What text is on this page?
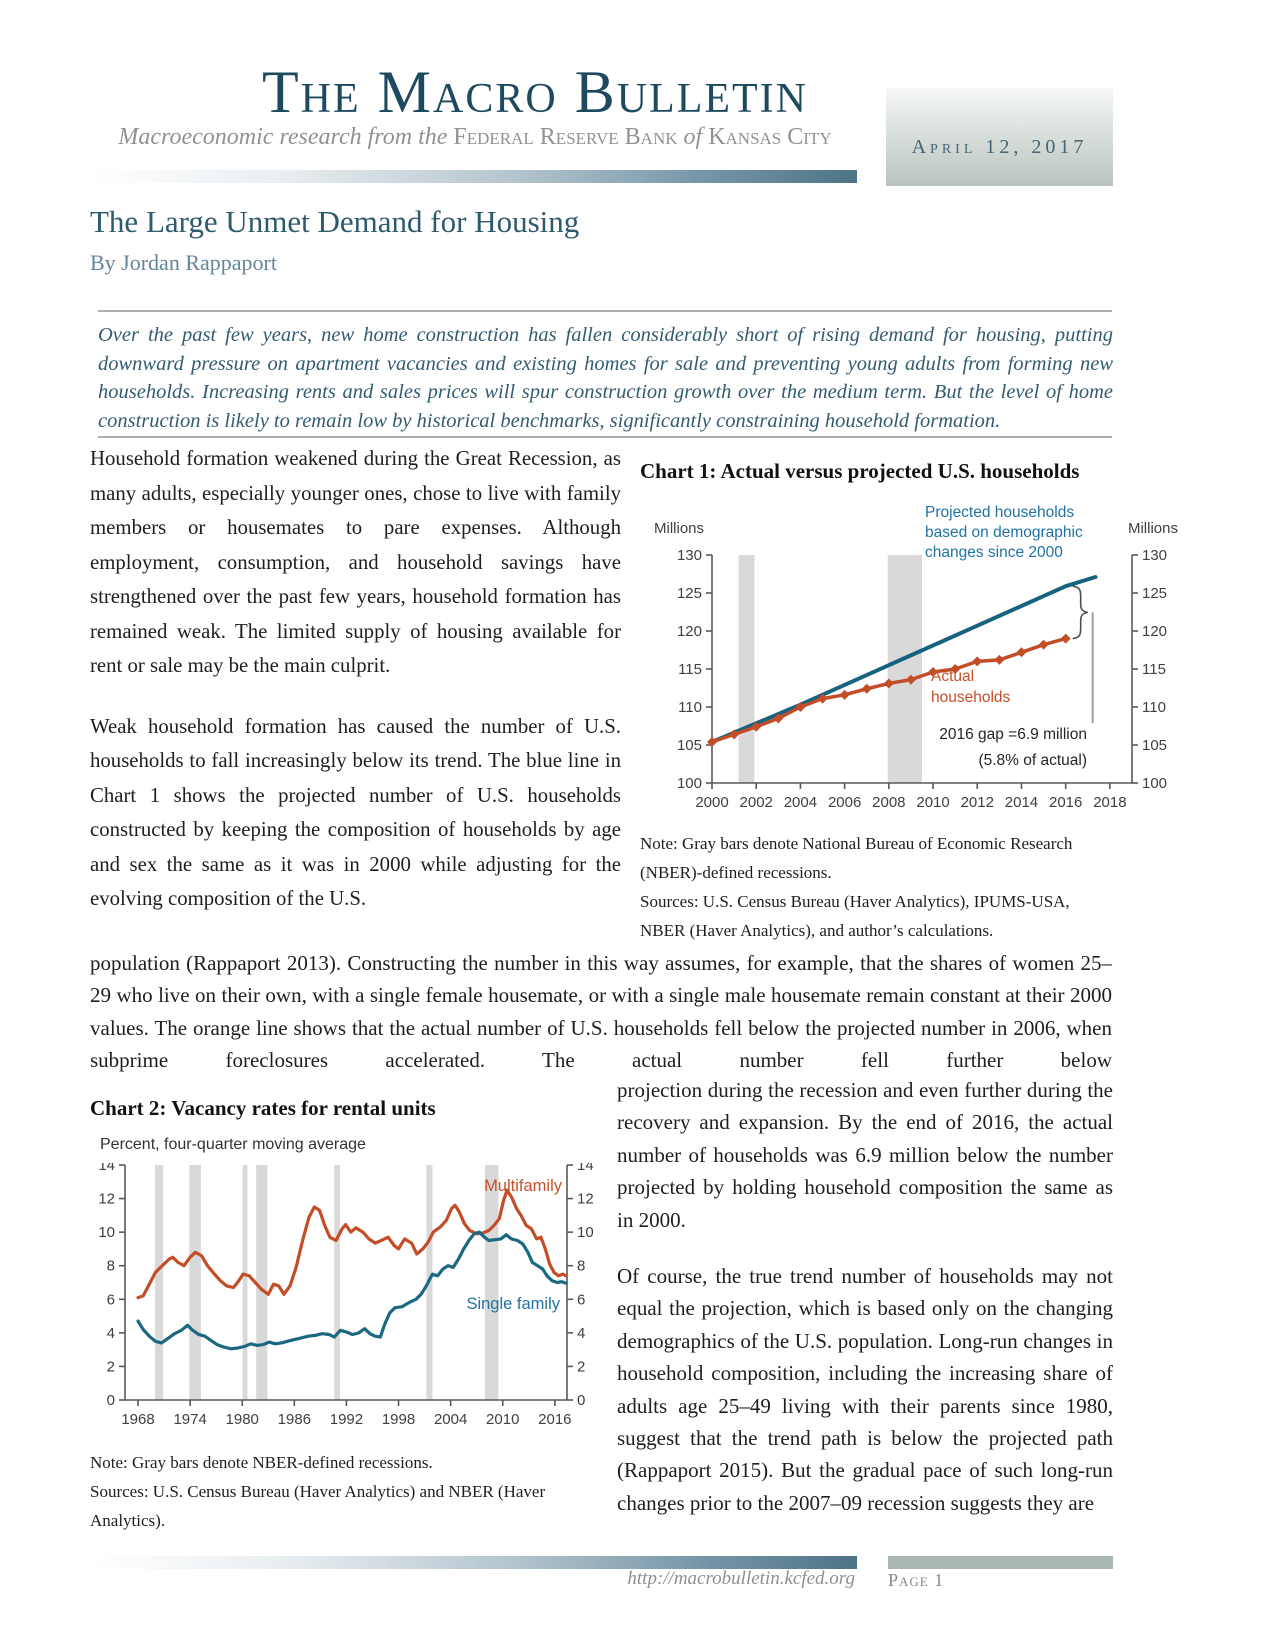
The Macro Bulletin
Macroeconomic research from the Federal Reserve Bank of Kansas City	April 12, 2017
The Large Unmet Demand for Housing
By Jordan Rappaport
Over the past few years, new home construction has fallen considerably short of rising demand for housing, putting downward pressure on apartment vacancies and existing homes for sale and preventing young adults from forming new households. Increasing rents and sales prices will spur construction growth over the medium term. But the level of home construction is likely to remain low by historical benchmarks, significantly constraining household formation.

Household formation weakened during the Great Recession, as many adults, especially younger ones, chose to live with family members or housemates to pare expenses. Although employment, consumption, and household savings have strengthened over the past few years, household formation has remained weak. The limited supply of housing available for rent or sale may be the main culprit.

Weak household formation has caused the number of U.S. households to fall increasingly below its trend. The blue line in Chart 1 shows the projected number of U.S. households constructed by keeping the composition of households by age and sex the same as it was in 2000 while adjusting for the evolving composition of the U.S.

Chart 1: Actual versus projected U.S. households
Millions	Millions
100	100
105	105
110	110
115	115
120	120
125	125
130	130
2000 2002 2004 2006 2008 2010 2012 2014 2016 2018
Projected households
based on demographic
changes since 2000
Actual
households
2016 gap =6.9 million
(5.8% of actual)

Note: Gray bars denote National Bureau of Economic Research (NBER)-defined recessions.

Sources: U.S. Census Bureau (Haver Analytics), IPUMS-USA, NBER (Haver Analytics), and author’s calculations.

population (Rappaport 2013). Constructing the number in this way assumes, for example, that the shares of women 25–29 who live on their own, with a single female housemate, or with a single male housemate remain constant at their 2000 values. The orange line shows that the actual number of U.S. households fell below the projected number in 2006, when subprime foreclosures accelerated. The actual number fell further below
Chart 2: Vacancy rates for rental units
Percent, four-quarter moving average
0	0
2	2
4	4
6	6
8	8
10	10
12	12
14	14
1968 1974 1980 1986 1992 1998 2004 2010 2016
Multifamily
Single family

Note: Gray bars denote NBER-defined recessions.

Sources: U.S. Census Bureau (Haver Analytics) and NBER (Haver Analytics).

projection during the recession and even further during the recovery and expansion. By the end of 2016, the actual number of households was 6.9 million below the number projected by holding household composition the same as in 2000.

Of course, the true trend number of households may not equal the projection, which is based only on the changing demographics of the U.S. population. Long-run changes in household composition, including the increasing share of adults age 25–49 living with their parents since 1980, suggest that the trend path is below the projected path (Rappaport 2015). But the gradual pace of such long-run changes prior to the 2007–09 recession suggests they are

http://macrobulletin.kcfed.org Page 1
